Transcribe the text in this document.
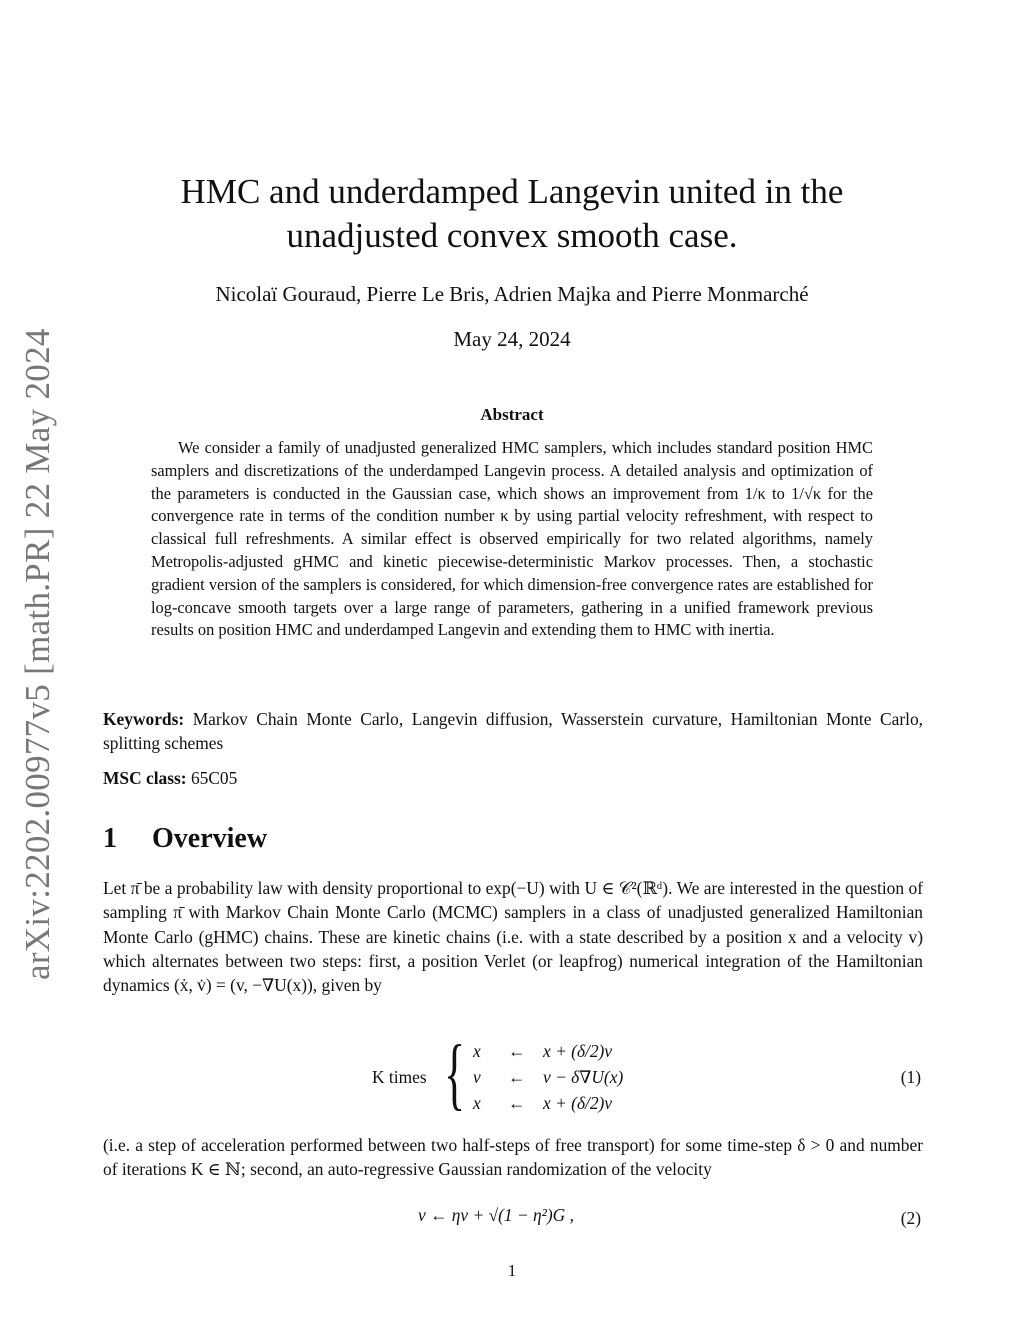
arXiv:2202.00977v5 [math.PR] 22 May 2024
HMC and underdamped Langevin united in the
unadjusted convex smooth case.
Nicolaï Gouraud, Pierre Le Bris, Adrien Majka and Pierre Monmarché
May 24, 2024
Abstract
We consider a family of unadjusted generalized HMC samplers, which includes standard position HMC samplers and discretizations of the underdamped Langevin process. A detailed analysis and optimization of the parameters is conducted in the Gaussian case, which shows an improvement from 1/κ to 1/√κ for the convergence rate in terms of the condition number κ by using partial velocity refreshment, with respect to classical full refreshments. A similar effect is observed empirically for two related algorithms, namely Metropolis-adjusted gHMC and kinetic piecewise-deterministic Markov processes. Then, a stochastic gradient version of the samplers is considered, for which dimension-free convergence rates are established for log-concave smooth targets over a large range of parameters, gathering in a unified framework previous results on position HMC and underdamped Langevin and extending them to HMC with inertia.
Keywords: Markov Chain Monte Carlo, Langevin diffusion, Wasserstein curvature, Hamiltonian Monte Carlo, splitting schemes
MSC class: 65C05
1 Overview
Let π̄ be a probability law with density proportional to exp(−U) with U ∈ 𝒞²(ℝᵈ). We are interested in the question of sampling π̄ with Markov Chain Monte Carlo (MCMC) samplers in a class of unadjusted generalized Hamiltonian Monte Carlo (gHMC) chains. These are kinetic chains (i.e. with a state described by a position x and a velocity v) which alternates between two steps: first, a position Verlet (or leapfrog) numerical integration of the Hamiltonian dynamics (ẋ, v̇) = (v, −∇U(x)), given by
K times { x ← x + (δ/2)v
v ← v − δ∇U(x)
x ← x + (δ/2)v
(1)
(i.e. a step of acceleration performed between two half-steps of free transport) for some time-step δ > 0 and number of iterations K ∈ ℕ; second, an auto-regressive Gaussian randomization of the velocity
v ← ηv + √(1 − η²)G ,	(2)
1
